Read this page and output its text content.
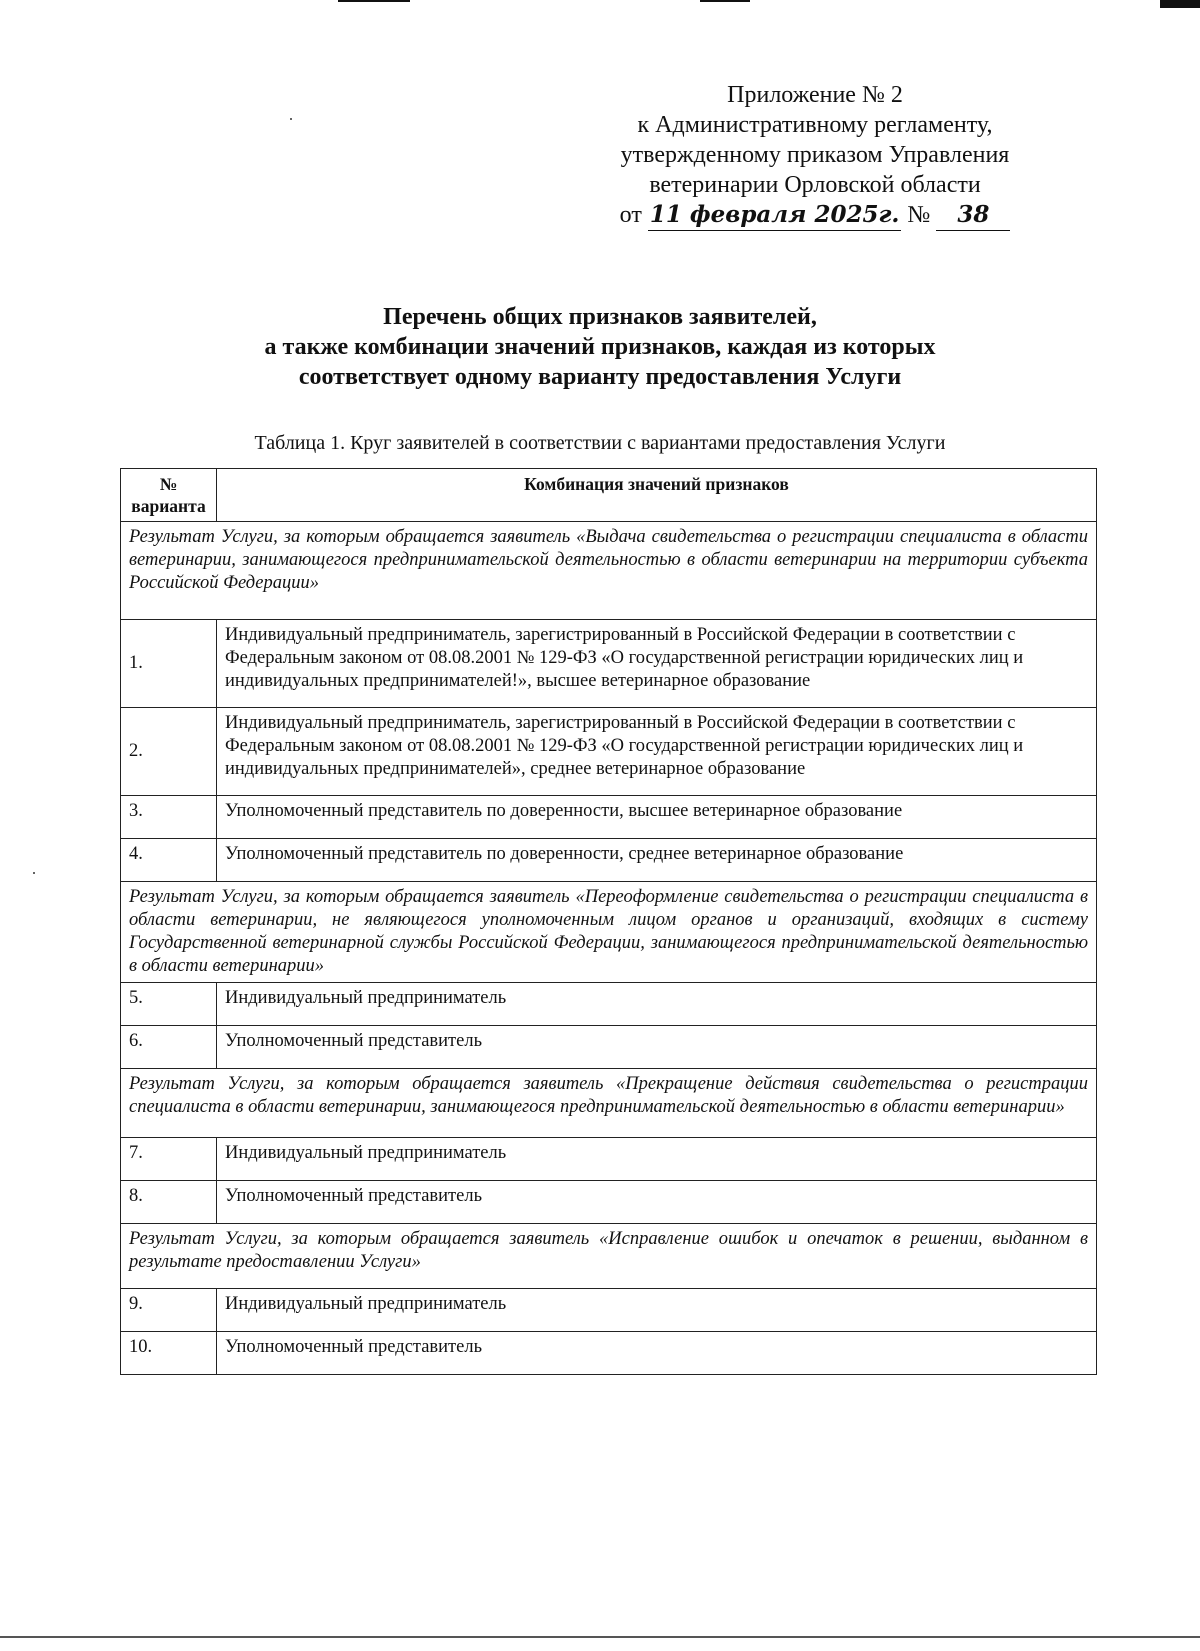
Приложение № 2
к Административному регламенту,
утвержденному приказом Управления
ветеринарии Орловской области
от 11 февраля 2025г. № 38
Перечень общих признаков заявителей,
а также комбинации значений признаков, каждая из которых
соответствует одному варианту предоставления Услуги
Таблица 1. Круг заявителей в соответствии с вариантами предоставления Услуги
№
варианта	Комбинация значений признаков
Результат Услуги, за которым обращается заявитель «Выдача свидетельства о регистрации специалиста в области ветеринарии, занимающегося предпринимательской деятельностью в области ветеринарии на территории субъекта Российской Федерации»	
1.	Индивидуальный предприниматель, зарегистрированный в Российской Федерации в соответствии с Федеральным законом от 08.08.2001 № 129-ФЗ «О государственной регистрации юридических лиц и индивидуальных предпринимателей!», высшее ветеринарное образование
2.	Индивидуальный предприниматель, зарегистрированный в Российской Федерации в соответствии с Федеральным законом от 08.08.2001 № 129-ФЗ «О государственной регистрации юридических лиц и индивидуальных предпринимателей», среднее ветеринарное образование
3.	Уполномоченный представитель по доверенности, высшее ветеринарное образование
4.	Уполномоченный представитель по доверенности, среднее ветеринарное образование
Результат Услуги, за которым обращается заявитель «Переоформление свидетельства о регистрации специалиста в области ветеринарии, не являющегося уполномоченным лицом органов и организаций, входящих в систему Государственной ветеринарной службы Российской Федерации, занимающегося предпринимательской деятельностью в области ветеринарии»	
5.	Индивидуальный предприниматель
6.	Уполномоченный представитель
Результат Услуги, за которым обращается заявитель «Прекращение действия свидетельства о регистрации специалиста в области ветеринарии, занимающегося предпринимательской деятельностью в области ветеринарии»	
7.	Индивидуальный предприниматель
8.	Уполномоченный представитель
Результат Услуги, за которым обращается заявитель «Исправление ошибок и опечаток в решении, выданном в результате предоставлении Услуги»	
9.	Индивидуальный предприниматель
10.	Уполномоченный представитель
